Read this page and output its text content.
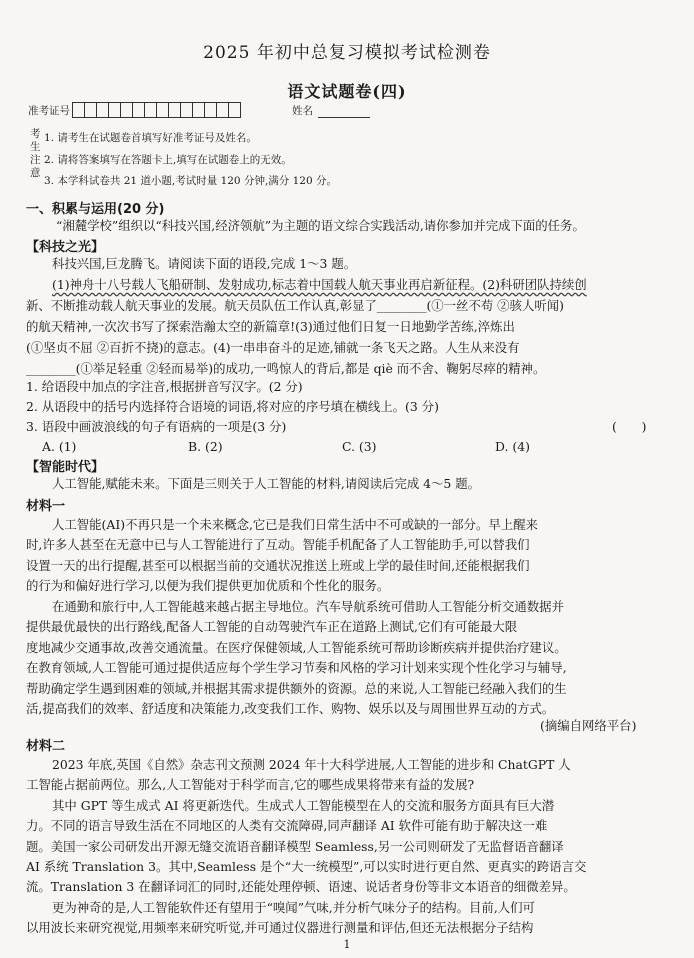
2025 年初中总复习模拟考试检测卷
语文试题卷(四)
准考证号	姓名
考
生
注
意
1. 请考生在试题卷首填写好准考证号及姓名。
2. 请将答案填写在答题卡上,填写在试题卷上的无效。
3. 本学科试卷共 21 道小题,考试时量 120 分钟,满分 120 分。
一、积累与运用(20 分)
“湘麓学校”组织以“科技兴国,经济领航”为主题的语文综合实践活动,请你参加并完成下面的任务。
【科技之光】
科技兴国,巨龙腾飞。请阅读下面的语段,完成 1～3 题。
(1)神舟十八号载人飞船研制、发射成功,标志着中国载人航天事业再启新征程。(2)科研团队持续创
新、不断推动载人航天事业的发展。航天员队伍工作认真,彰显了________(①一丝不苟 ②骇人听闻)
的航天精神,一次次书写了探索浩瀚太空的新篇章!(3)通过他们日复一日地勤学苦练,淬炼出
(①坚贞不屈 ②百折不挠)的意志。(4)一串串奋斗的足迹,铺就一条飞天之路。人生从来没有
________(①举足轻重 ②轻而易举)的成功,一鸣惊人的背后,都是 qiè 而不舍、鞠躬尽瘁的精神。
1. 给语段中加点的字注音,根据拼音写汉字。(2 分)
2. 从语段中的括号内选择符合语境的词语,将对应的序号填在横线上。(3 分)
3. 语段中画波浪线的句子有语病的一项是(3 分)	(　　)
A. (1)	B. (2)	C. (3)	D. (4)
【智能时代】
人工智能,赋能未来。下面是三则关于人工智能的材料,请阅读后完成 4～5 题。
材料一
人工智能(AI)不再只是一个未来概念,它已是我们日常生活中不可或缺的一部分。早上醒来
时,许多人甚至在无意中已与人工智能进行了互动。智能手机配备了人工智能助手,可以替我们
设置一天的出行提醒,甚至可以根据当前的交通状况推送上班或上学的最佳时间,还能根据我们
的行为和偏好进行学习,以便为我们提供更加优质和个性化的服务。
在通勤和旅行中,人工智能越来越占据主导地位。汽车导航系统可借助人工智能分析交通数据并
提供最优最快的出行路线,配备人工智能的自动驾驶汽车正在道路上测试,它们有可能最大限
度地减少交通事故,改善交通流量。在医疗保健领域,人工智能系统可帮助诊断疾病并提供治疗建议。
在教育领域,人工智能可通过提供适应每个学生学习节奏和风格的学习计划来实现个性化学习与辅导,
帮助确定学生遇到困难的领域,并根据其需求提供额外的资源。总的来说,人工智能已经融入我们的生
活,提高我们的效率、舒适度和决策能力,改变我们工作、购物、娱乐以及与周围世界互动的方式。
(摘编自网络平台)
材料二
2023 年底,英国《自然》杂志刊文预测 2024 年十大科学进展,人工智能的进步和 ChatGPT 人
工智能占据前两位。那么,人工智能对于科学而言,它的哪些成果将带来有益的发展?
其中 GPT 等生成式 AI 将更新迭代。生成式人工智能模型在人的交流和服务方面具有巨大潜
力。不同的语言导致生活在不同地区的人类有交流障碍,同声翻译 AI 软件可能有助于解决这一难
题。美国一家公司研发出开源无缝交流语音翻译模型 Seamless,另一公司则研发了无监督语音翻译
AI 系统 Translation 3。其中,Seamless 是个“大一统模型”,可以实时进行更自然、更真实的跨语言交
流。Translation 3 在翻译词汇的同时,还能处理停顿、语速、说话者身份等非文本语音的细微差异。
更为神奇的是,人工智能软件还有望用于“嗅闻”气味,并分析气味分子的结构。目前,人们可
以用波长来研究视觉,用频率来研究听觉,并可通过仪器进行测量和评估,但还无法根据分子结构
1
